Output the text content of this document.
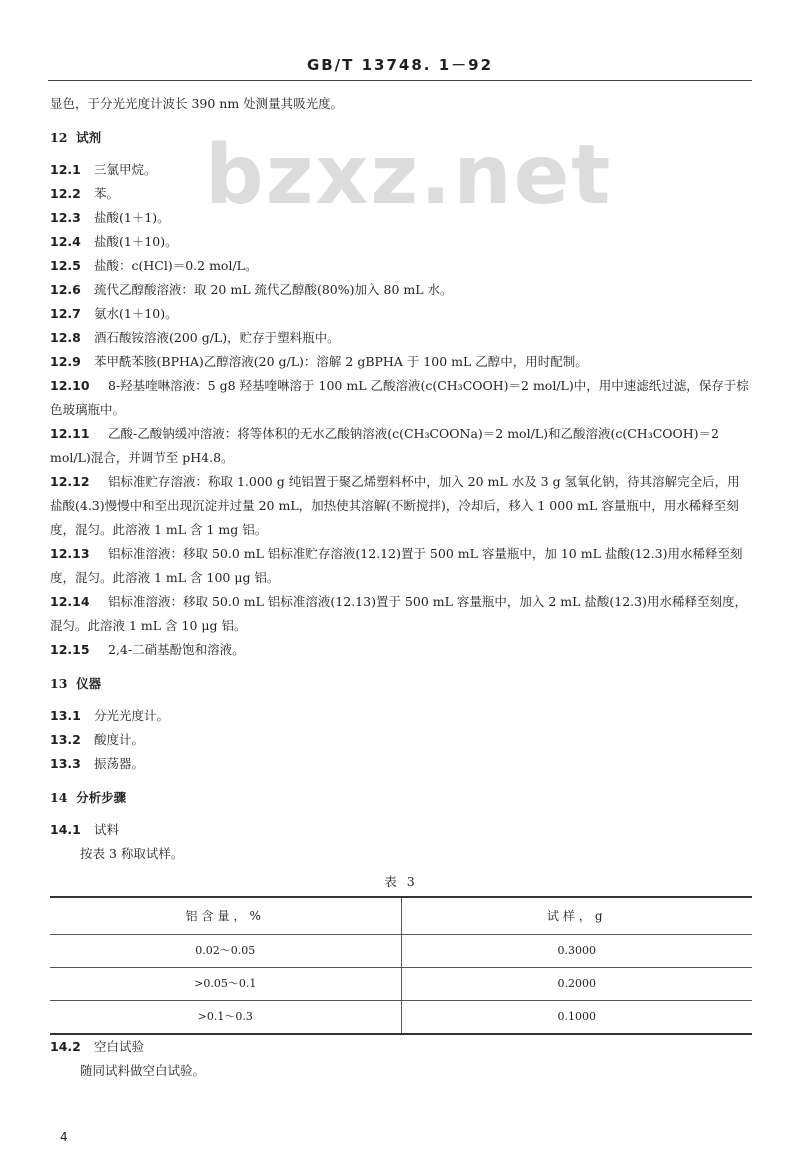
GB/T 13748. 1－92
bzxz.net

显色，于分光光度计波长 390 nm 处测量其吸光度。

12 试剂

12.1 三氯甲烷。

12.2 苯。

12.3 盐酸(1＋1)。

12.4 盐酸(1＋10)。

12.5 盐酸：c(HCl)＝0.2 mol/L。

12.6 巯代乙醇酸溶液：取 20 mL 巯代乙醇酸(80%)加入 80 mL 水。

12.7 氨水(1＋10)。

12.8 酒石酸铵溶液(200 g/L)，贮存于塑料瓶中。

12.9 苯甲酰苯胲(BPHA)乙醇溶液(20 g/L)：溶解 2 gBPHA 于 100 mL 乙醇中，用时配制。

12.10 8-羟基喹啉溶液：5 g8 羟基喹啉溶于 100 mL 乙酸溶液(c(CH₃COOH)＝2 mol/L)中，用中速滤纸过滤，保存于棕色玻璃瓶中。

12.11 乙酸-乙酸钠缓冲溶液：将等体积的无水乙酸钠溶液(c(CH₃COONa)＝2 mol/L)和乙酸溶液(c(CH₃COOH)＝2 mol/L)混合，并调节至 pH4.8。

12.12 铝标准贮存溶液：称取 1.000 g 纯铝置于聚乙烯塑料杯中，加入 20 mL 水及 3 g 氢氧化钠，待其溶解完全后，用盐酸(4.3)慢慢中和至出现沉淀并过量 20 mL，加热使其溶解(不断搅拌)，冷却后，移入 1 000 mL 容量瓶中，用水稀释至刻度，混匀。此溶液 1 mL 含 1 mg 铝。

12.13 铝标准溶液：移取 50.0 mL 铝标准贮存溶液(12.12)置于 500 mL 容量瓶中，加 10 mL 盐酸(12.3)用水稀释至刻度，混匀。此溶液 1 mL 含 100 μg 铝。

12.14 铝标准溶液：移取 50.0 mL 铝标准溶液(12.13)置于 500 mL 容量瓶中，加入 2 mL 盐酸(12.3)用水稀释至刻度，混匀。此溶液 1 mL 含 10 μg 铝。

12.15 2,4-二硝基酚饱和溶液。

13 仪器

13.1 分光光度计。

13.2 酸度计。

13.3 振荡器。

14 分析步骤

14.1 试料

按表 3 称取试样。

表 3
铝含量，%	试样，g
0.02～0.05	0.3000
>0.05～0.1	0.2000
>0.1～0.3	0.1000

14.2 空白试验

随同试料做空白试验。

4
